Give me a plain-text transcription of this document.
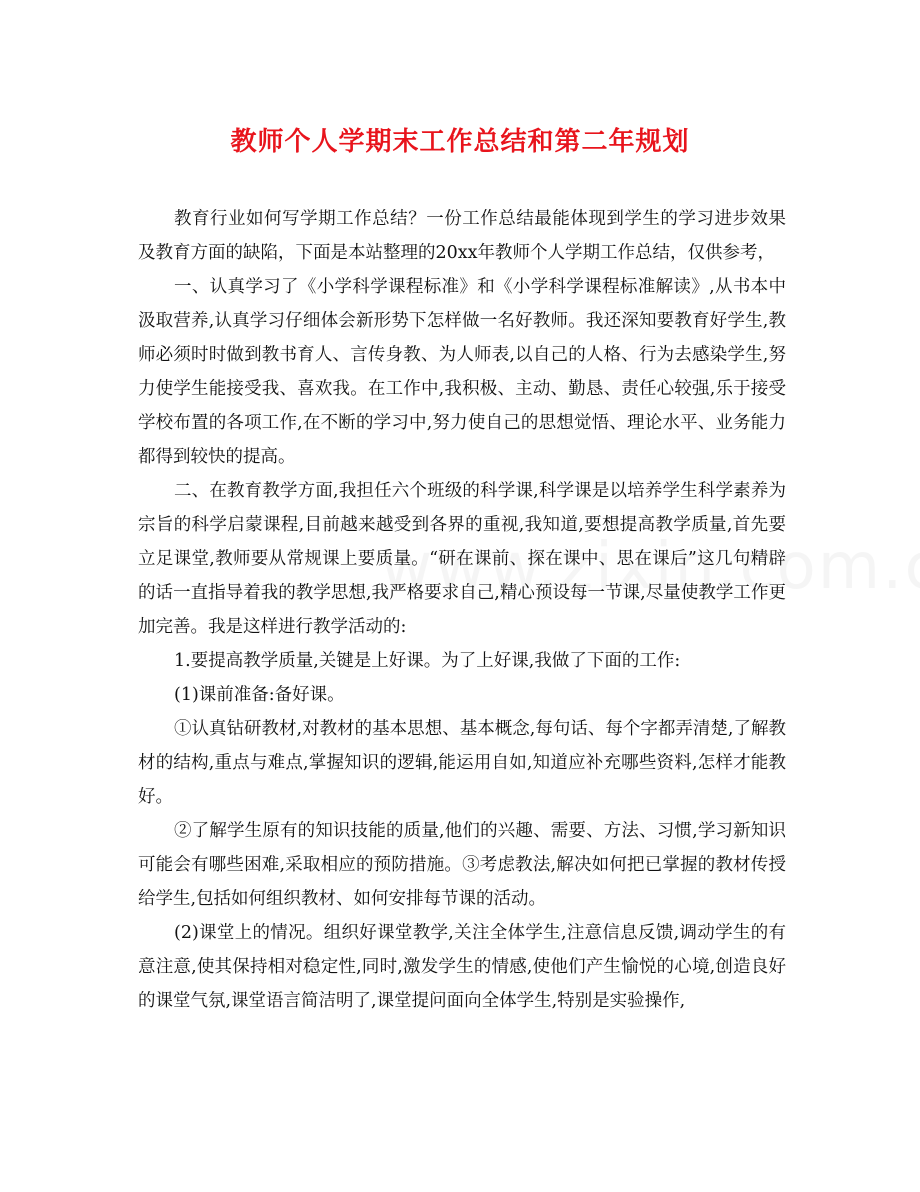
教师个人学期末工作总结和第二年规划

教育行业如何写学期工作总结？一份工作总结最能体现到学生的学习进步效果及教育方面的缺陷，下面是本站整理的20xx年教师个人学期工作总结，仅供参考，

一、认真学习了《小学科学课程标准》和《小学科学课程标准解读》,从书本中汲取营养,认真学习仔细体会新形势下怎样做一名好教师。我还深知要教育好学生,教师必须时时做到教书育人、言传身教、为人师表,以自己的人格、行为去感染学生,努力使学生能接受我、喜欢我。在工作中,我积极、主动、勤恳、责任心较强,乐于接受学校布置的各项工作,在不断的学习中,努力使自己的思想觉悟、理论水平、业务能力都得到较快的提高。

二、在教育教学方面,我担任六个班级的科学课,科学课是以培养学生科学素养为宗旨的科学启蒙课程,目前越来越受到各界的重视,我知道,要想提高教学质量,首先要立足课堂,教师要从常规课上要质量。“研在课前、探在课中、思在课后”这几句精辟的话一直指导着我的教学思想,我严格要求自己,精心预设每一节课,尽量使教学工作更加完善。我是这样进行教学活动的:

1.要提高教学质量,关键是上好课。为了上好课,我做了下面的工作:

(1)课前准备:备好课。

①认真钻研教材,对教材的基本思想、基本概念,每句话、每个字都弄清楚,了解教材的结构,重点与难点,掌握知识的逻辑,能运用自如,知道应补充哪些资料,怎样才能教好。

②了解学生原有的知识技能的质量,他们的兴趣、需要、方法、习惯,学习新知识可能会有哪些困难,采取相应的预防措施。③考虑教法,解决如何把已掌握的教材传授给学生,包括如何组织教材、如何安排每节课的活动。

(2)课堂上的情况。组织好课堂教学,关注全体学生,注意信息反馈,调动学生的有意注意,使其保持相对稳定性,同时,激发学生的情感,使他们产生愉悦的心境,创造良好的课堂气氛,课堂语言简洁明了,课堂提问面向全体学生,特别是实验操作,
